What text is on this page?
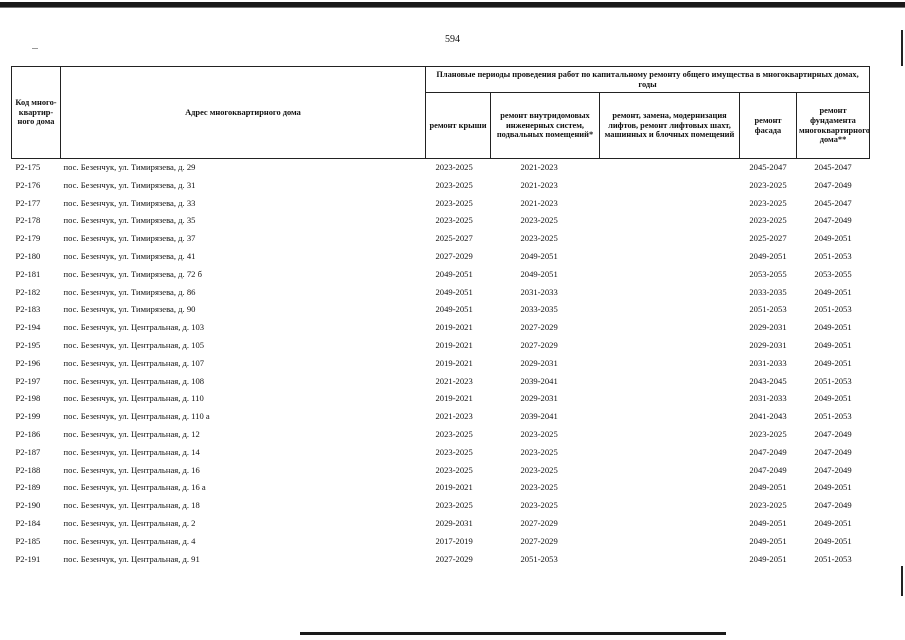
594
Код много-квартир-ного дома	Адрес многоквартирного дома	Плановые периоды проведения работ по капитальному ремонту общего имущества в многоквартирных домах, годы				
		ремонт крыши	ремонт внутридомовых инженерных систем, подвальных помещений*	ремонт, замена, модернизация лифтов, ремонт лифтовых шахт, машинных и блочных помещений	ремонт фасада	ремонт фундамента многоквартирного дома**
Р2-175	пос. Безенчук, ул. Тимирязева, д. 29	2023-2025	2021-2023		2045-2047	2045-2047
Р2-176	пос. Безенчук, ул. Тимирязева, д. 31	2023-2025	2021-2023		2023-2025	2047-2049
Р2-177	пос. Безенчук, ул. Тимирязева, д. 33	2023-2025	2021-2023		2023-2025	2045-2047
Р2-178	пос. Безенчук, ул. Тимирязева, д. 35	2023-2025	2023-2025		2023-2025	2047-2049
Р2-179	пос. Безенчук, ул. Тимирязева, д. 37	2025-2027	2023-2025		2025-2027	2049-2051
Р2-180	пос. Безенчук, ул. Тимирязева, д. 41	2027-2029	2049-2051		2049-2051	2051-2053
Р2-181	пос. Безенчук, ул. Тимирязева, д. 72 б	2049-2051	2049-2051		2053-2055	2053-2055
Р2-182	пос. Безенчук, ул. Тимирязева, д. 86	2049-2051	2031-2033		2033-2035	2049-2051
Р2-183	пос. Безенчук, ул. Тимирязева, д. 90	2049-2051	2033-2035		2051-2053	2051-2053
Р2-194	пос. Безенчук, ул. Центральная, д. 103	2019-2021	2027-2029		2029-2031	2049-2051
Р2-195	пос. Безенчук, ул. Центральная, д. 105	2019-2021	2027-2029		2029-2031	2049-2051
Р2-196	пос. Безенчук, ул. Центральная, д. 107	2019-2021	2029-2031		2031-2033	2049-2051
Р2-197	пос. Безенчук, ул. Центральная, д. 108	2021-2023	2039-2041		2043-2045	2051-2053
Р2-198	пос. Безенчук, ул. Центральная, д. 110	2019-2021	2029-2031		2031-2033	2049-2051
Р2-199	пос. Безенчук, ул. Центральная, д. 110 а	2021-2023	2039-2041		2041-2043	2051-2053
Р2-186	пос. Безенчук, ул. Центральная, д. 12	2023-2025	2023-2025		2023-2025	2047-2049
Р2-187	пос. Безенчук, ул. Центральная, д. 14	2023-2025	2023-2025		2047-2049	2047-2049
Р2-188	пос. Безенчук, ул. Центральная, д. 16	2023-2025	2023-2025		2047-2049	2047-2049
Р2-189	пос. Безенчук, ул. Центральная, д. 16 а	2019-2021	2023-2025		2049-2051	2049-2051
Р2-190	пос. Безенчук, ул. Центральная, д. 18	2023-2025	2023-2025		2023-2025	2047-2049
Р2-184	пос. Безенчук, ул. Центральная, д. 2	2029-2031	2027-2029		2049-2051	2049-2051
Р2-185	пос. Безенчук, ул. Центральная, д. 4	2017-2019	2027-2029		2049-2051	2049-2051
Р2-191	пос. Безенчук, ул. Центральная, д. 91	2027-2029	2051-2053		2049-2051	2051-2053
